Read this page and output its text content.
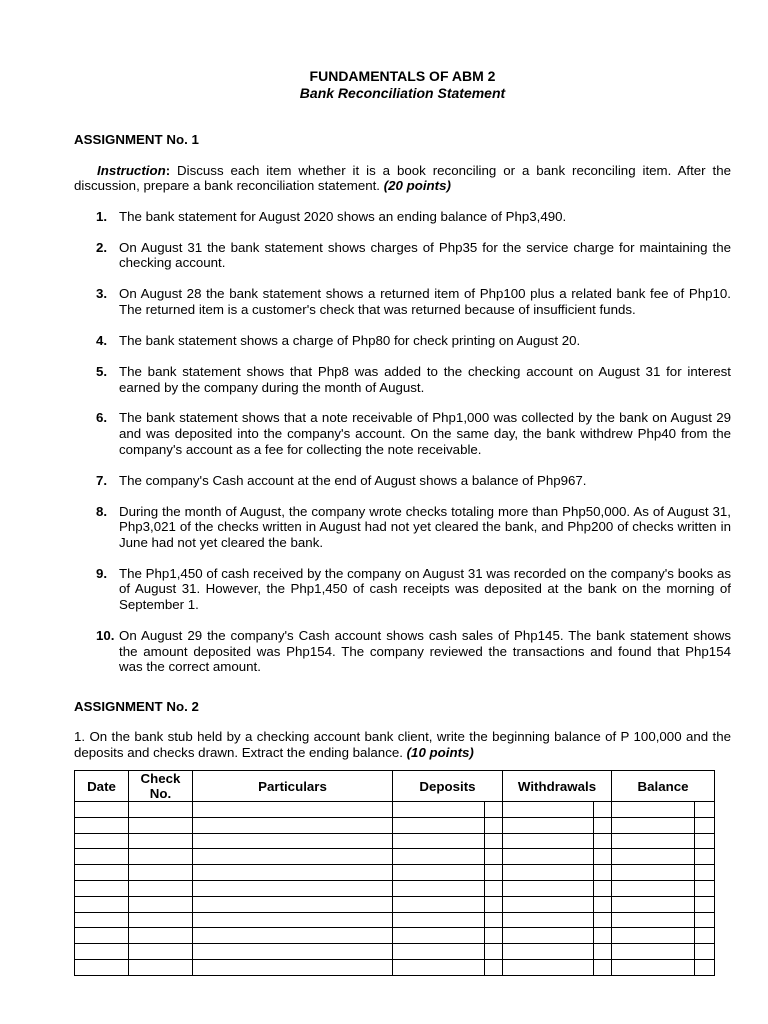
FUNDAMENTALS OF ABM 2
Bank Reconciliation Statement
ASSIGNMENT No. 1
Instruction: Discuss each item whether it is a book reconciling or a bank reconciling item. After the discussion, prepare a bank reconciliation statement. (20 points)
1. The bank statement for August 2020 shows an ending balance of Php3,490.
2. On August 31 the bank statement shows charges of Php35 for the service charge for maintaining the checking account.
3. On August 28 the bank statement shows a returned item of Php100 plus a related bank fee of Php10. The returned item is a customer's check that was returned because of insufficient funds.
4. The bank statement shows a charge of Php80 for check printing on August 20.
5. The bank statement shows that Php8 was added to the checking account on August 31 for interest earned by the company during the month of August.
6. The bank statement shows that a note receivable of Php1,000 was collected by the bank on August 29 and was deposited into the company's account. On the same day, the bank withdrew Php40 from the company's account as a fee for collecting the note receivable.
7. The company's Cash account at the end of August shows a balance of Php967.
8. During the month of August, the company wrote checks totaling more than Php50,000. As of August 31, Php3,021 of the checks written in August had not yet cleared the bank, and Php200 of checks written in June had not yet cleared the bank.
9. The Php1,450 of cash received by the company on August 31 was recorded on the company's books as of August 31. However, the Php1,450 of cash receipts was deposited at the bank on the morning of September 1.
10. On August 29 the company's Cash account shows cash sales of Php145. The bank statement shows the amount deposited was Php154. The company reviewed the transactions and found that Php154 was the correct amount.
ASSIGNMENT No. 2
1. On the bank stub held by a checking account bank client, write the beginning balance of P 100,000 and the deposits and checks drawn. Extract the ending balance. (10 points)
Date	Check No.	Particulars	Deposits		Withdrawals		Balance	
